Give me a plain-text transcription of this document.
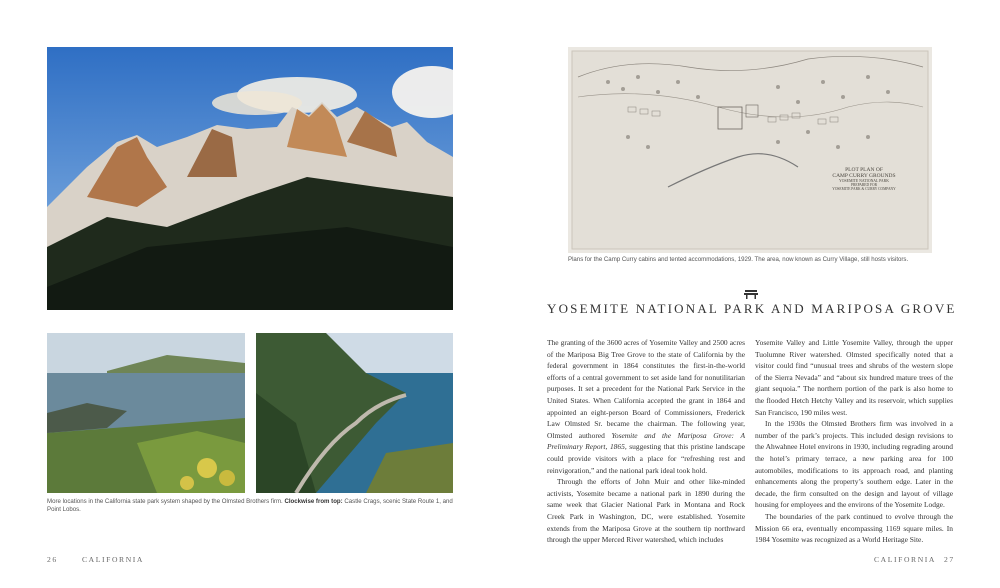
More locations in the California state park system shaped by the Olmsted Brothers firm. Clockwise from top: Castle Crags, scenic State Route 1, and Point Lobos.
26	CALIFORNIA
PLOT PLAN OF
CAMP CURRY GROUNDS
YOSEMITE NATIONAL PARK
PREPARED FOR
YOSEMITE PARK & CURRY COMPANY
Plans for the Camp Curry cabins and tented accommodations, 1929. The area, now known as Curry Village, still hosts visitors.
YOSEMITE NATIONAL PARK AND MARIPOSA GROVE

The granting of the 3600 acres of Yosemite Valley and 2500 acres of the Mariposa Big Tree Grove to the state of California by the federal government in 1864 constitutes the first-in-the-world efforts of a central government to set aside land for nonutilitarian purposes. It set a precedent for the National Park Service in the United States. When California accepted the grant in 1864 and appointed an eight-person Board of Commissioners, Frederick Law Olmsted Sr. became the chairman. The following year, Olmsted authored Yosemite and the Mariposa Grove: A Preliminary Report, 1865, suggesting that this pristine landscape could provide visitors with a place for “refreshing rest and reinvigoration,” and the national park ideal took hold.

Through the efforts of John Muir and other like-minded activists, Yosemite became a national park in 1890 during the same week that Glacier National Park in Montana and Rock Creek Park in Washington, DC, were established. Yosemite extends from the Mariposa Grove at the southern tip northward through the upper Merced River watershed, which includes

Yosemite Valley and Little Yosemite Valley, through the upper Tuolumne River watershed. Olmsted specifically noted that a visitor could find “unusual trees and shrubs of the western slope of the Sierra Nevada” and “about six hundred mature trees of the giant sequoia.” The northern portion of the park is also home to the flooded Hetch Hetchy Valley and its reservoir, which supplies San Francisco, 190 miles west.

In the 1930s the Olmsted Brothers firm was involved in a number of the park’s projects. This included design revisions to the Ahwahnee Hotel environs in 1930, including regrading around the hotel’s primary terrace, a new parking area for 100 automobiles, modifications to its approach road, and planting enhancements along the property’s southern edge. Later in the decade, the firm consulted on the design and layout of village housing for employees and the environs of the Yosemite Lodge.

The boundaries of the park continued to evolve through the Mission 66 era, eventually encompassing 1169 square miles. In 1984 Yosemite was recognized as a World Heritage Site.

CALIFORNIA 27
